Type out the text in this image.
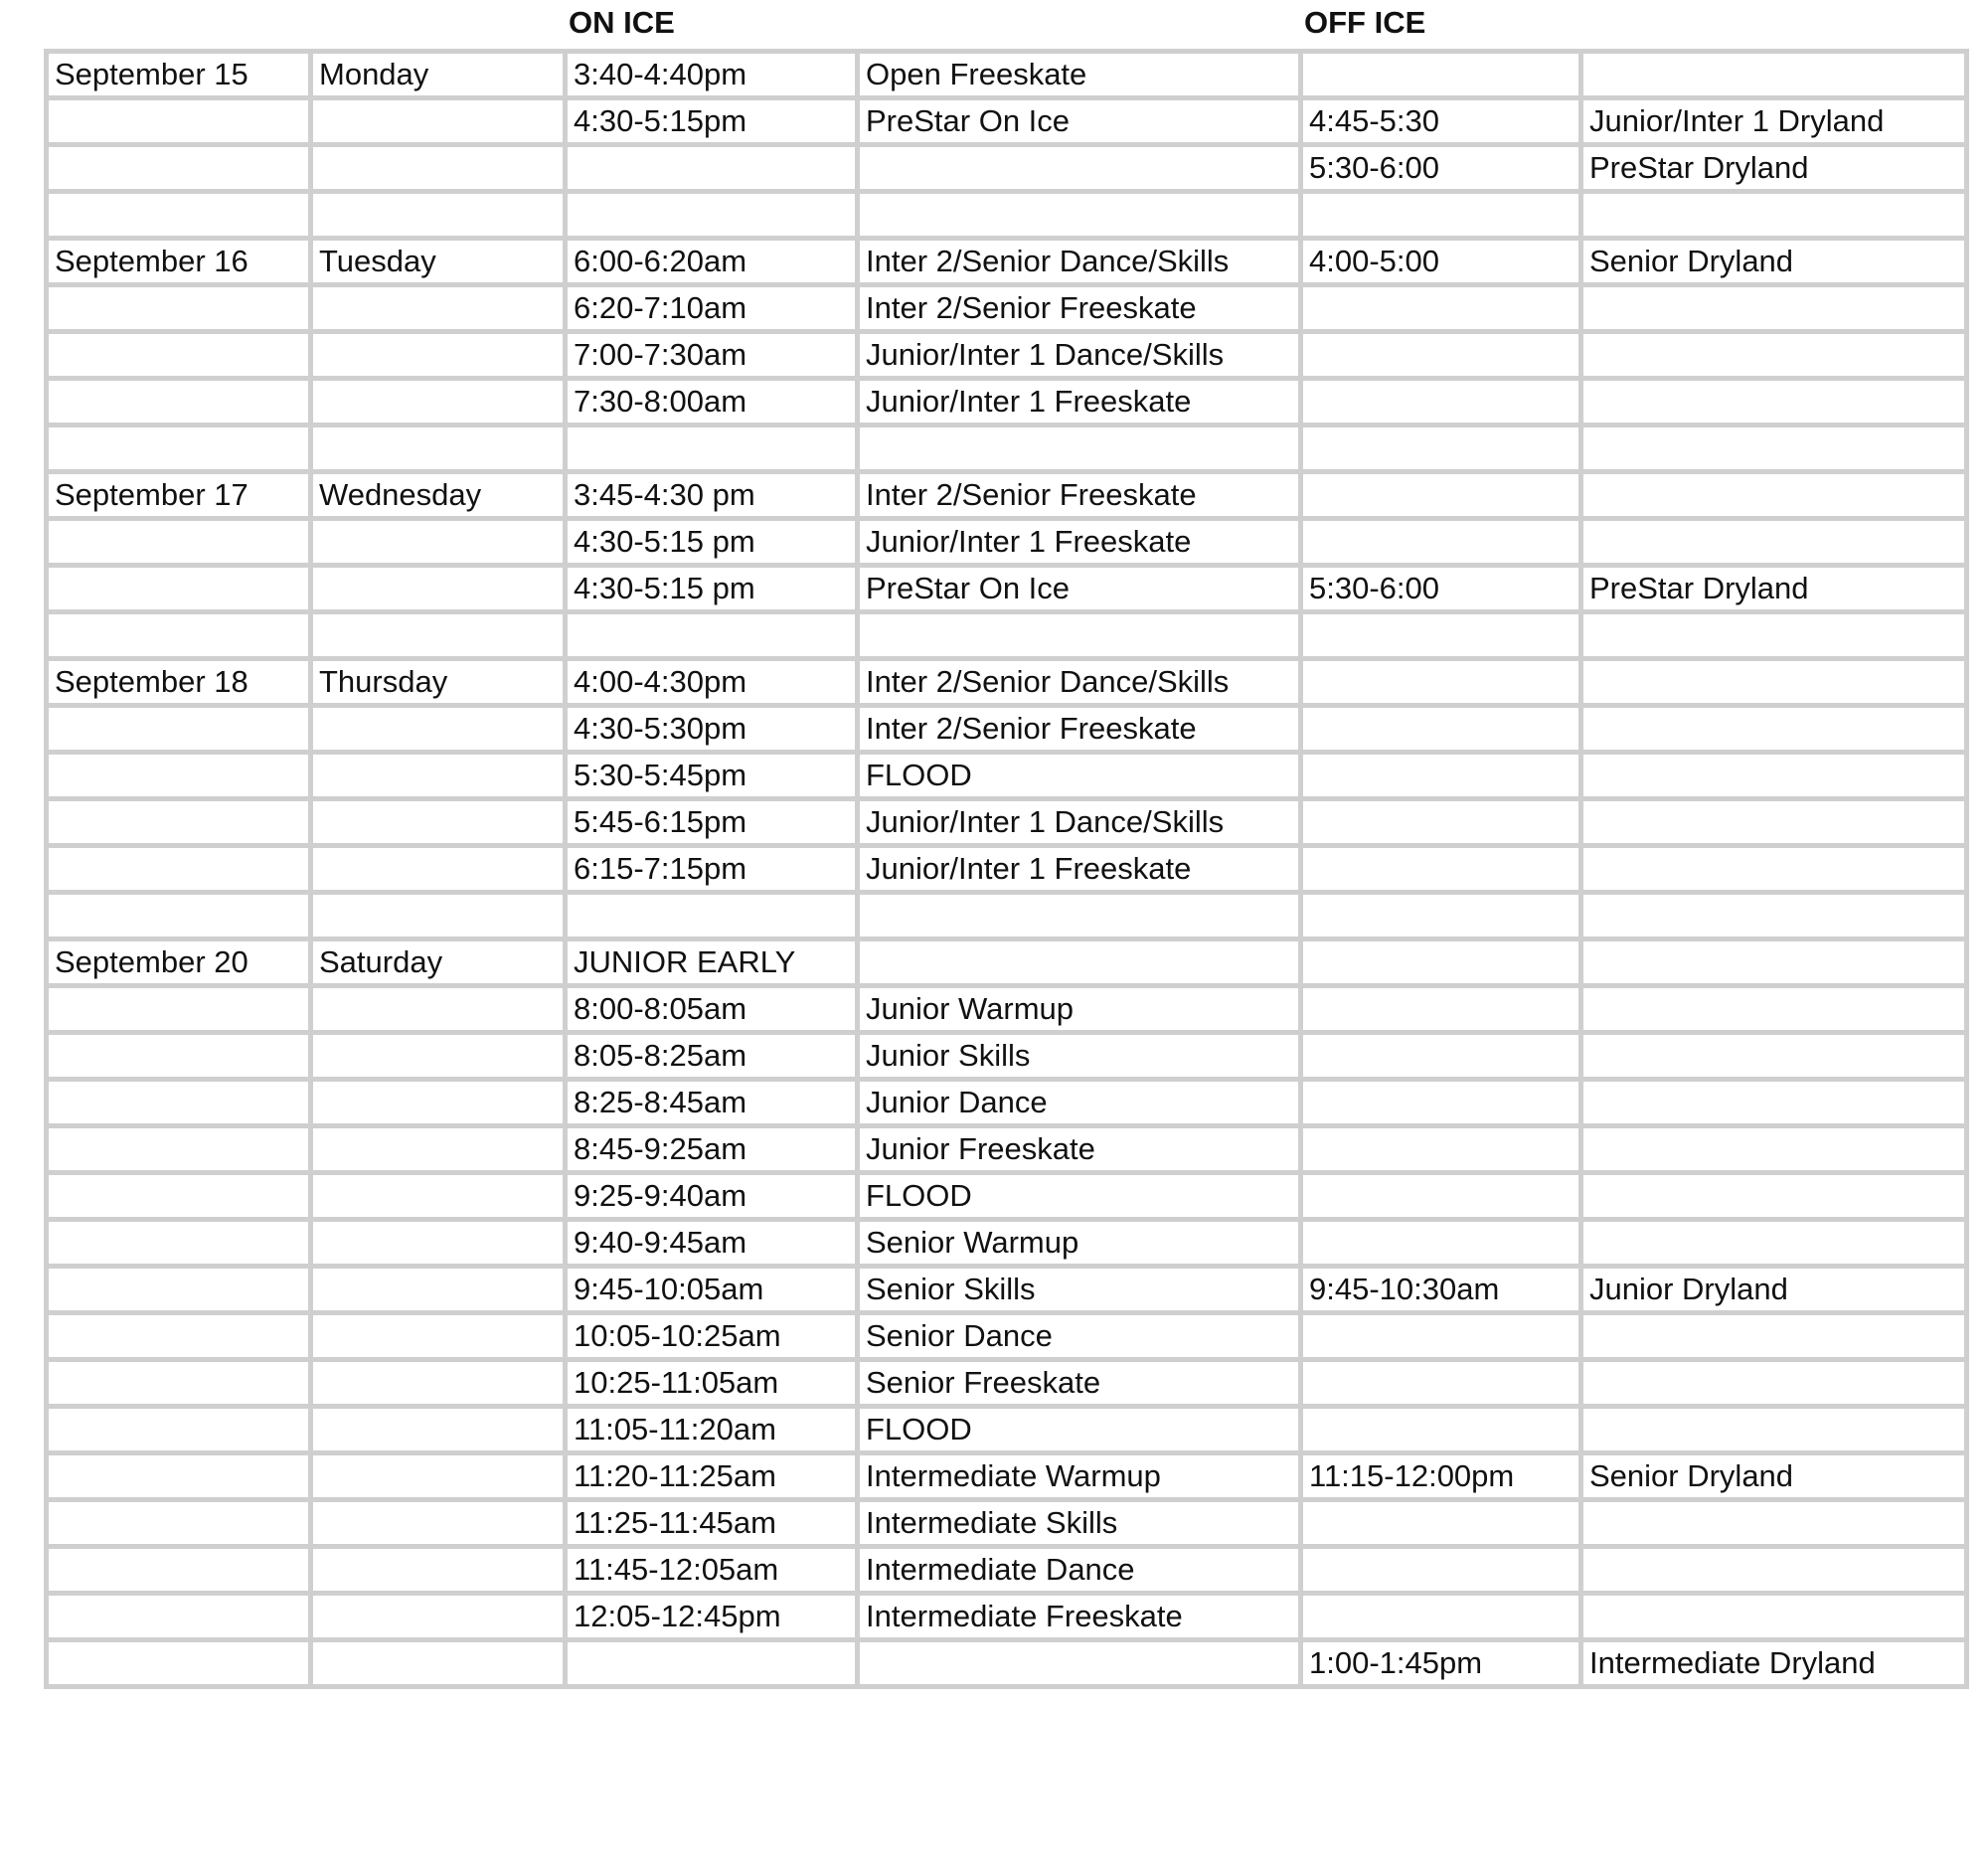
ON ICE	OFF ICE
September 15	Monday	3:40-4:40pm	Open Freeskate		
		4:30-5:15pm	PreStar On Ice	4:45-5:30	Junior/Inter 1 Dryland
				5:30-6:00	PreStar Dryland

September 16	Tuesday	6:00-6:20am	Inter 2/Senior Dance/Skills	4:00-5:00	Senior Dryland
		6:20-7:10am	Inter 2/Senior Freeskate		
		7:00-7:30am	Junior/Inter 1 Dance/Skills		
		7:30-8:00am	Junior/Inter 1 Freeskate		

September 17	Wednesday	3:45-4:30 pm	Inter 2/Senior Freeskate		
		4:30-5:15 pm	Junior/Inter 1 Freeskate		
		4:30-5:15 pm	PreStar On Ice	5:30-6:00	PreStar Dryland

September 18	Thursday	4:00-4:30pm	Inter 2/Senior Dance/Skills		
		4:30-5:30pm	Inter 2/Senior Freeskate		
		5:30-5:45pm	FLOOD		
		5:45-6:15pm	Junior/Inter 1 Dance/Skills		
		6:15-7:15pm	Junior/Inter 1 Freeskate		

September 20	Saturday	JUNIOR EARLY			
		8:00-8:05am	Junior Warmup		
		8:05-8:25am	Junior Skills		
		8:25-8:45am	Junior Dance		
		8:45-9:25am	Junior Freeskate		
		9:25-9:40am	FLOOD		
		9:40-9:45am	Senior Warmup		
		9:45-10:05am	Senior Skills	9:45-10:30am	Junior Dryland
		10:05-10:25am	Senior Dance		
		10:25-11:05am	Senior Freeskate		
		11:05-11:20am	FLOOD		
		11:20-11:25am	Intermediate Warmup	11:15-12:00pm	Senior Dryland
		11:25-11:45am	Intermediate Skills		
		11:45-12:05am	Intermediate Dance		
		12:05-12:45pm	Intermediate Freeskate		
				1:00-1:45pm	Intermediate Dryland
